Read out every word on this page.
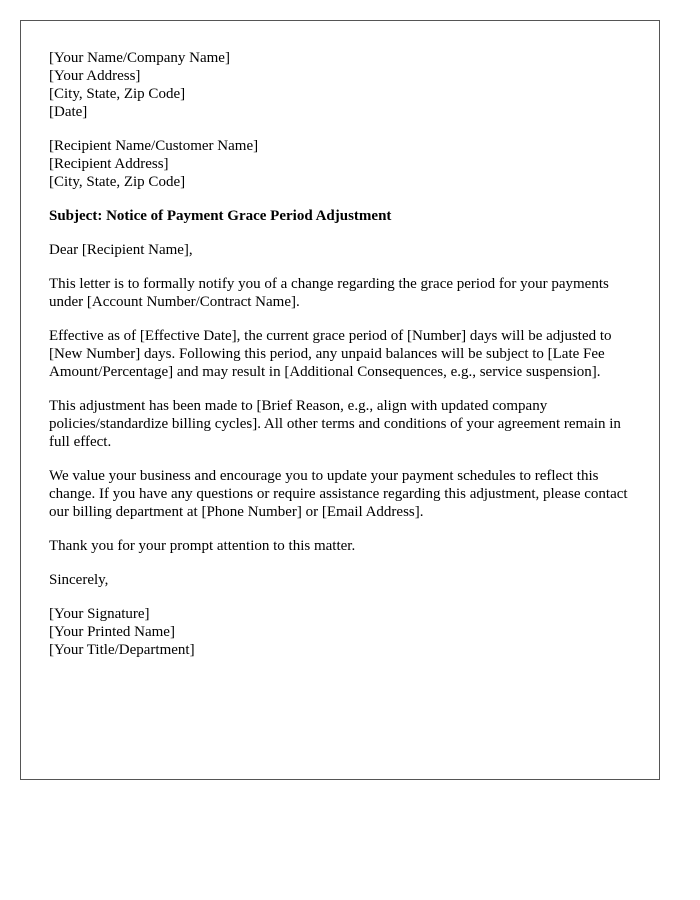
[Your Name/Company Name]
[Your Address]
[City, State, Zip Code]
[Date]
[Recipient Name/Customer Name]
[Recipient Address]
[City, State, Zip Code]

Subject: Notice of Payment Grace Period Adjustment

Dear [Recipient Name],

This letter is to formally notify you of a change regarding the grace period for your payments under [Account Number/Contract Name].

Effective as of [Effective Date], the current grace period of [Number] days will be adjusted to [New Number] days. Following this period, any unpaid balances will be subject to [Late Fee Amount/Percentage] and may result in [Additional Consequences, e.g., service suspension].

This adjustment has been made to [Brief Reason, e.g., align with updated company policies/standardize billing cycles]. All other terms and conditions of your agreement remain in full effect.

We value your business and encourage you to update your payment schedules to reflect this change. If you have any questions or require assistance regarding this adjustment, please contact our billing department at [Phone Number] or [Email Address].

Thank you for your prompt attention to this matter.

Sincerely,

[Your Signature]
[Your Printed Name]
[Your Title/Department]
